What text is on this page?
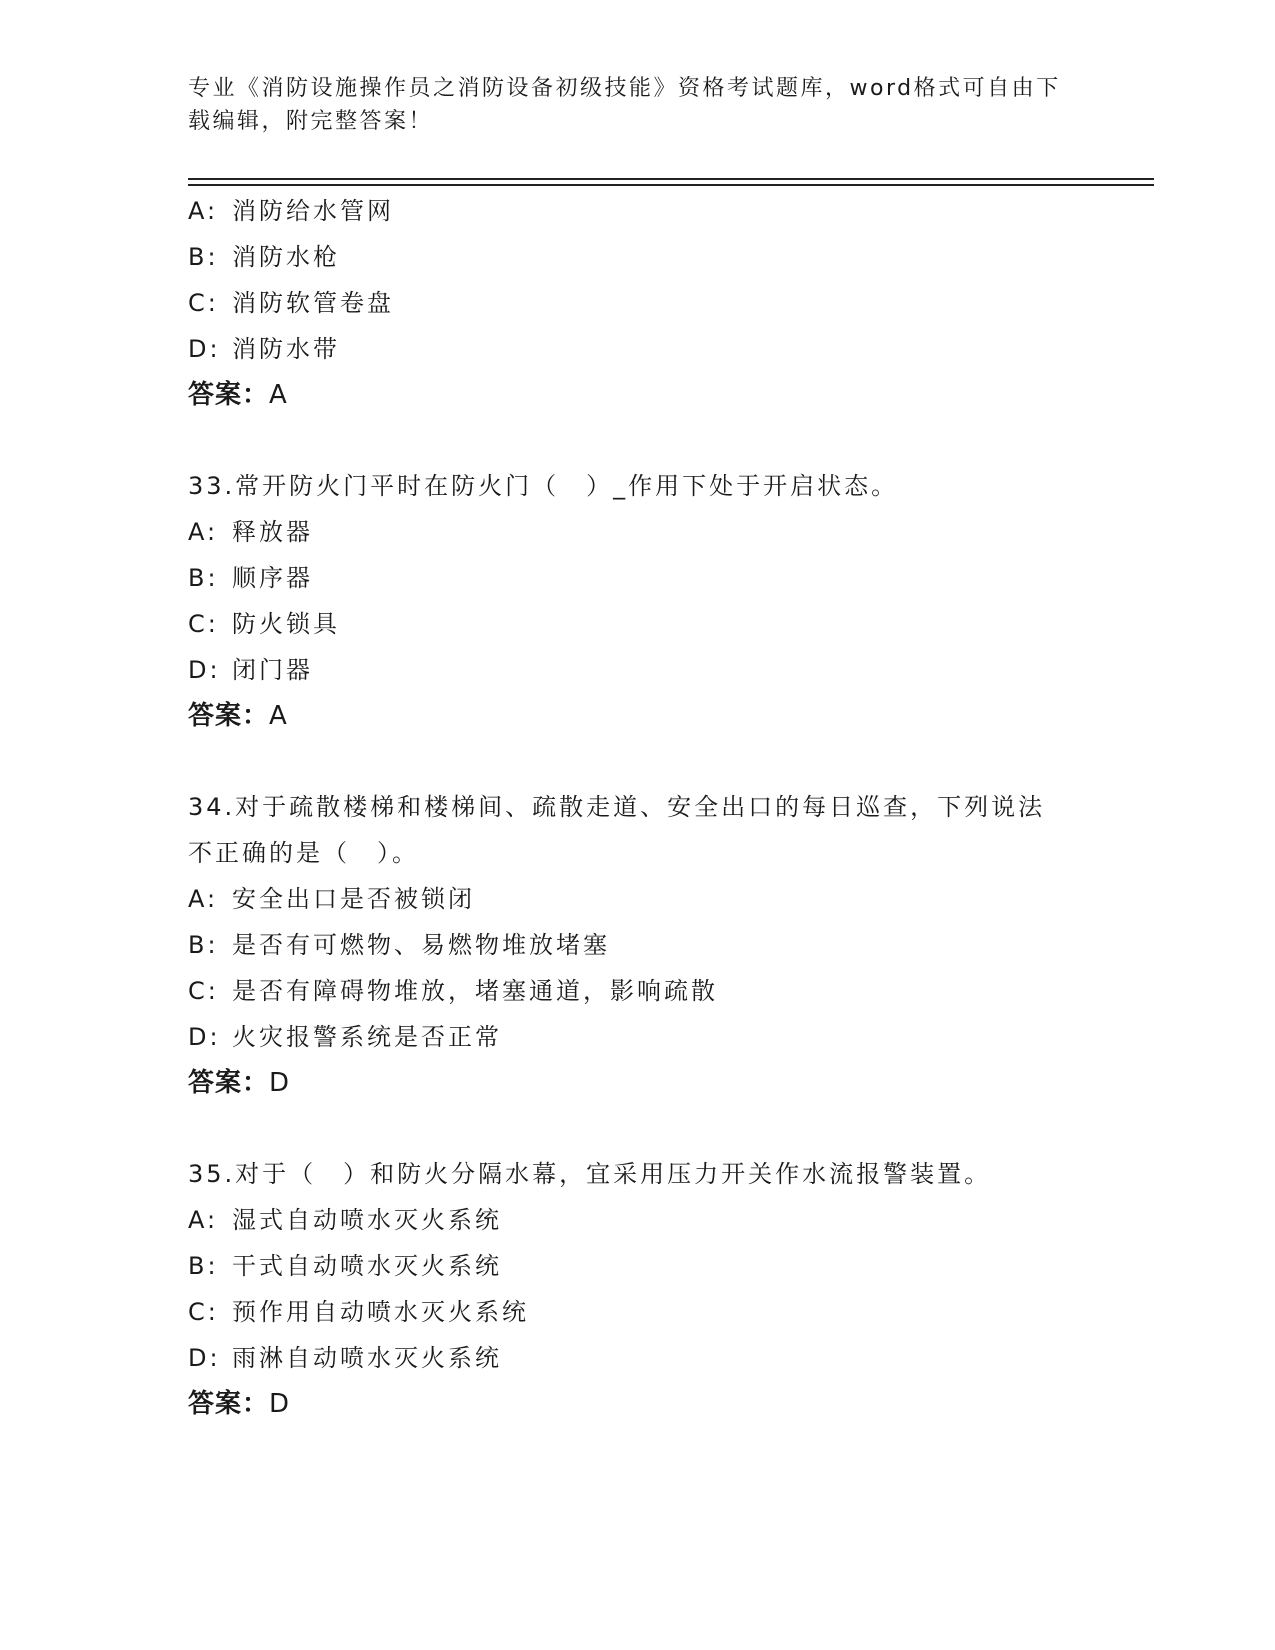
专业《消防设施操作员之消防设备初级技能》资格考试题库，word格式可自由下
载编辑，附完整答案！
A: 消防给水管网
B: 消防水枪
C: 消防软管卷盘
D: 消防水带
答案：A
33.常开防火门平时在防火门（　）_作用下处于开启状态。
A: 释放器
B: 顺序器
C: 防火锁具
D: 闭门器
答案：A
34.对于疏散楼梯和楼梯间、疏散走道、安全出口的每日巡查，下列说法不正确的是（　）。
A: 安全出口是否被锁闭
B: 是否有可燃物、易燃物堆放堵塞
C: 是否有障碍物堆放，堵塞通道，影响疏散
D: 火灾报警系统是否正常
答案：D
35.对于（　）和防火分隔水幕，宜采用压力开关作水流报警装置。
A: 湿式自动喷水灭火系统
B: 干式自动喷水灭火系统
C: 预作用自动喷水灭火系统
D: 雨淋自动喷水灭火系统
答案：D
